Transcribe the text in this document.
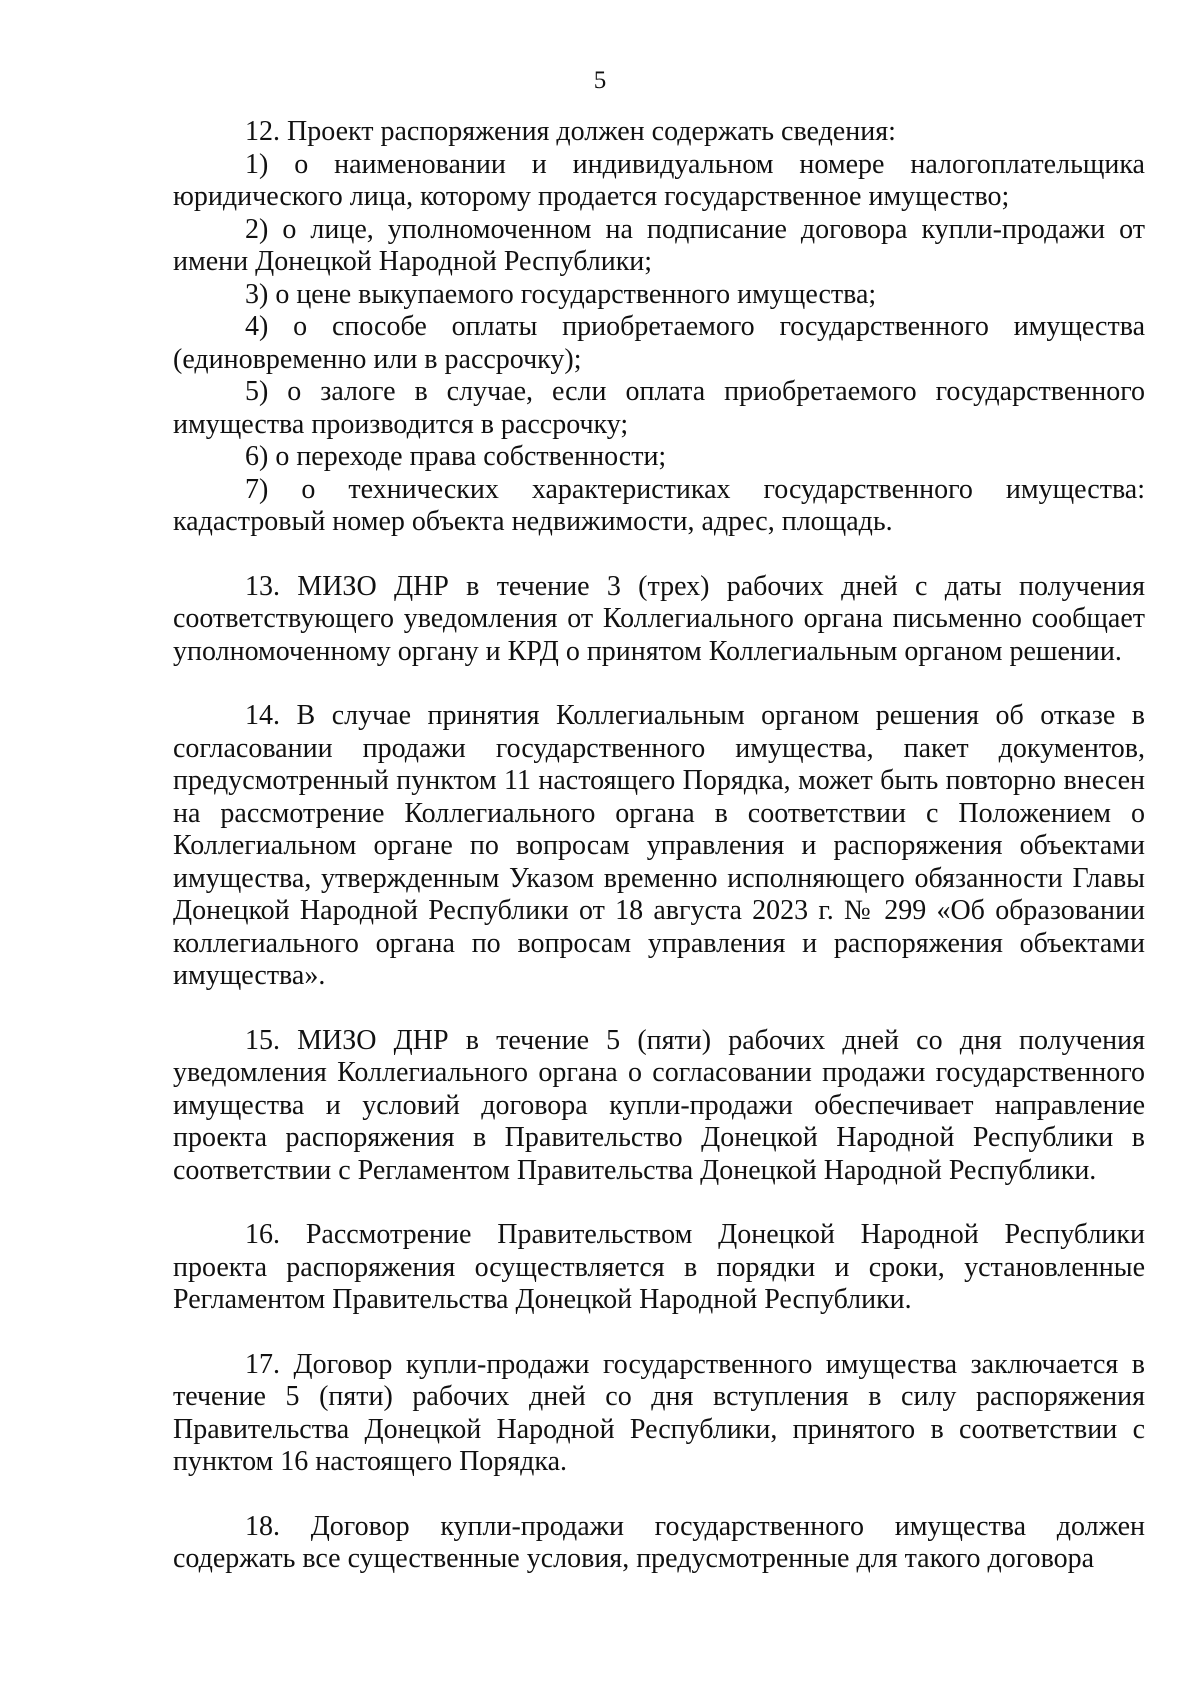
5

12. Проект распоряжения должен содержать сведения:

1) о наименовании и индивидуальном номере налогоплательщика юридического лица, которому продается государственное имущество;

2) о лице, уполномоченном на подписание договора купли-продажи от имени Донецкой Народной Республики;

3) о цене выкупаемого государственного имущества;

4) о способе оплаты приобретаемого государственного имущества (единовременно или в рассрочку);

5) о залоге в случае, если оплата приобретаемого государственного имущества производится в рассрочку;

6) о переходе права собственности;

7) о технических характеристиках государственного имущества: кадастровый номер объекта недвижимости, адрес, площадь.

13. МИЗО ДНР в течение 3 (трех) рабочих дней с даты получения соответствующего уведомления от Коллегиального органа письменно сообщает уполномоченному органу и КРД о принятом Коллегиальным органом решении.

14. В случае принятия Коллегиальным органом решения об отказе в согласовании продажи государственного имущества, пакет документов, предусмотренный пунктом 11 настоящего Порядка, может быть повторно внесен на рассмотрение Коллегиального органа в соответствии с Положением о Коллегиальном органе по вопросам управления и распоряжения объектами имущества, утвержденным Указом временно исполняющего обязанности Главы Донецкой Народной Республики от 18 августа 2023 г. № 299 «Об образовании коллегиального органа по вопросам управления и распоряжения объектами имущества».

15. МИЗО ДНР в течение 5 (пяти) рабочих дней со дня получения уведомления Коллегиального органа о согласовании продажи государственного имущества и условий договора купли-продажи обеспечивает направление проекта распоряжения в Правительство Донецкой Народной Республики в соответствии с Регламентом Правительства Донецкой Народной Республики.

16. Рассмотрение Правительством Донецкой Народной Республики проекта распоряжения осуществляется в порядки и сроки, установленные Регламентом Правительства Донецкой Народной Республики.

17. Договор купли-продажи государственного имущества заключается в течение 5 (пяти) рабочих дней со дня вступления в силу распоряжения Правительства Донецкой Народной Республики, принятого в соответствии с пунктом 16 настоящего Порядка.

18. Договор купли-продажи государственного имущества должен содержать все существенные условия, предусмотренные для такого договора
